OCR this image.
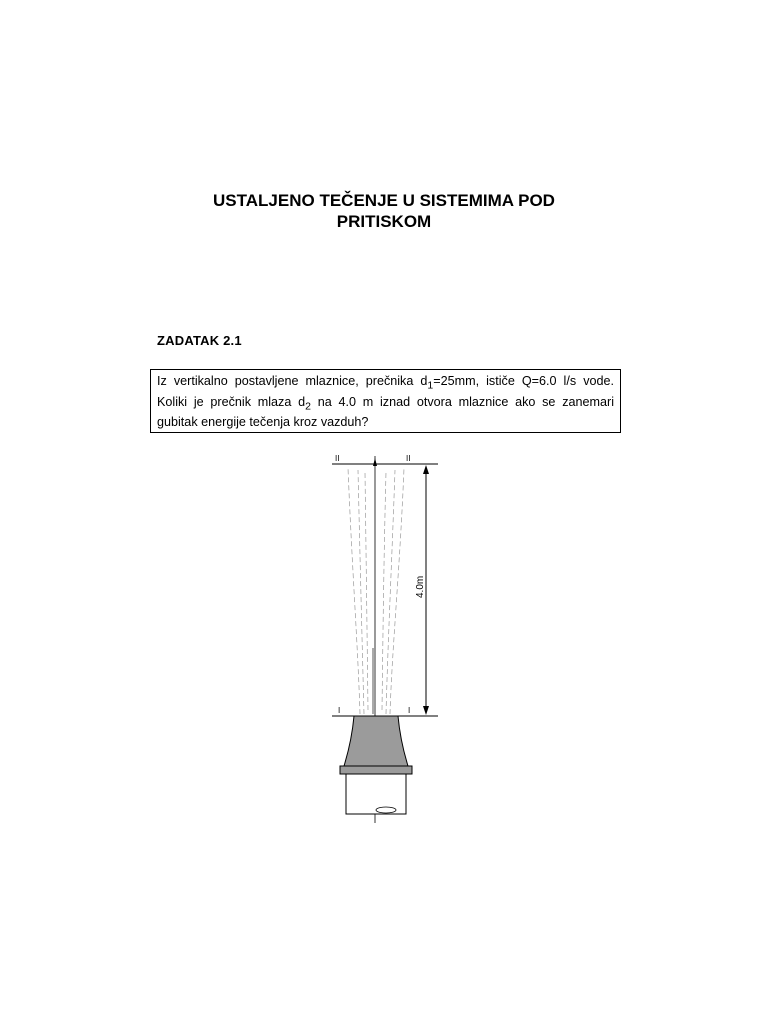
USTALJENO TEČENJE U SISTEMIMA POD
PRITISKOM
ZADATAK 2.1

Iz vertikalno postavljene mlaznice, prečnika $d_1=25mm$, ističe Q=6.0 l/s vode. Koliki je prečnik mlaza $d_2$ na 4.0 m iznad otvora mlaznice ako se zanemari gubitak energije tečenja kroz vazduh?

II	II
I	I
4.0m
